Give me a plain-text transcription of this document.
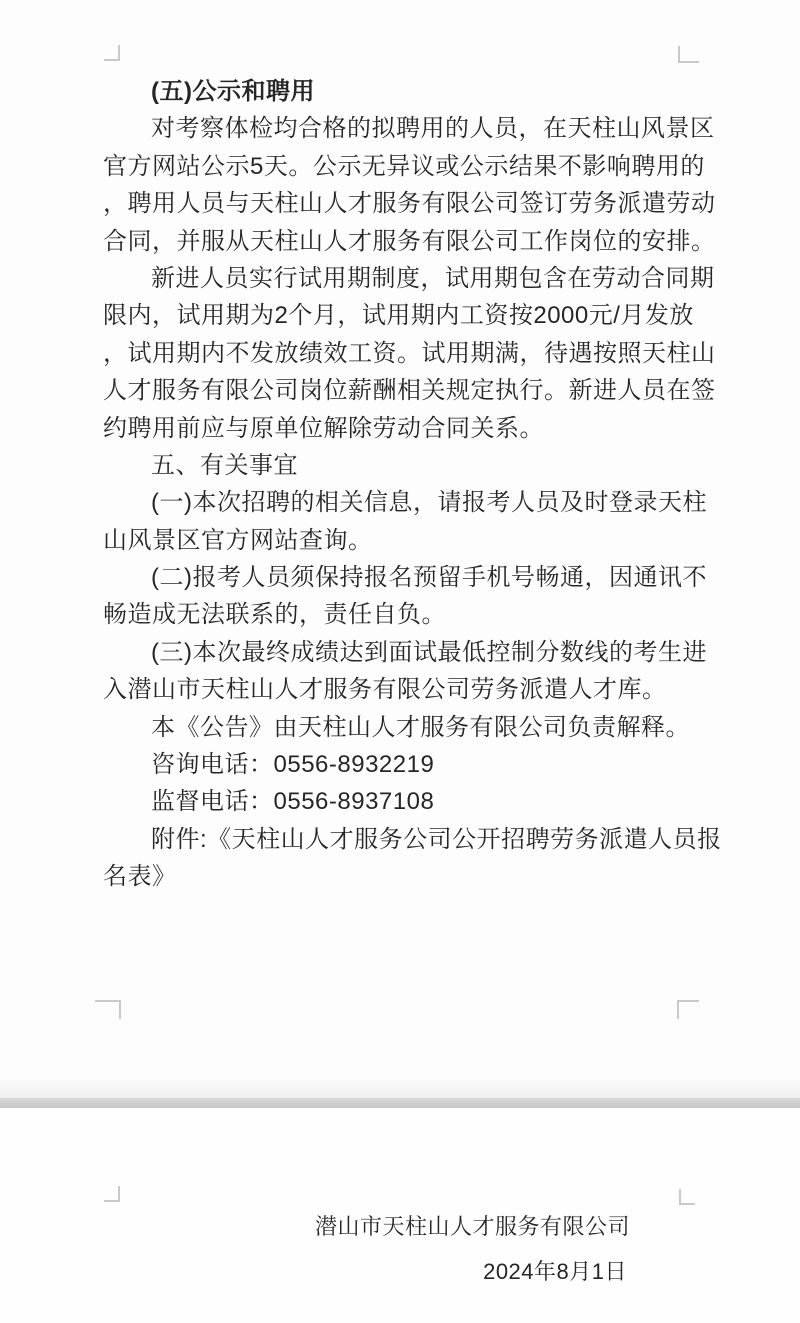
(五)公示和聘用
对考察体检均合格的拟聘用的人员，在天柱山风景区
官方网站公示5天。公示无异议或公示结果不影响聘用的
，聘用人员与天柱山人才服务有限公司签订劳务派遣劳动
合同，并服从天柱山人才服务有限公司工作岗位的安排。
新进人员实行试用期制度，试用期包含在劳动合同期
限内，试用期为2个月，试用期内工资按2000元/月发放
，试用期内不发放绩效工资。试用期满，待遇按照天柱山
人才服务有限公司岗位薪酬相关规定执行。新进人员在签
约聘用前应与原单位解除劳动合同关系。
五、有关事宜
(一)本次招聘的相关信息，请报考人员及时登录天柱
山风景区官方网站查询。
(二)报考人员须保持报名预留手机号畅通，因通讯不
畅造成无法联系的，责任自负。
(三)本次最终成绩达到面试最低控制分数线的考生进
入潜山市天柱山人才服务有限公司劳务派遣人才库。
本《公告》由天柱山人才服务有限公司负责解释。
咨询电话：0556-8932219
监督电话：0556-8937108
附件:《天柱山人才服务公司公开招聘劳务派遣人员报
名表》
潜山市天柱山人才服务有限公司
2024年8月1日
